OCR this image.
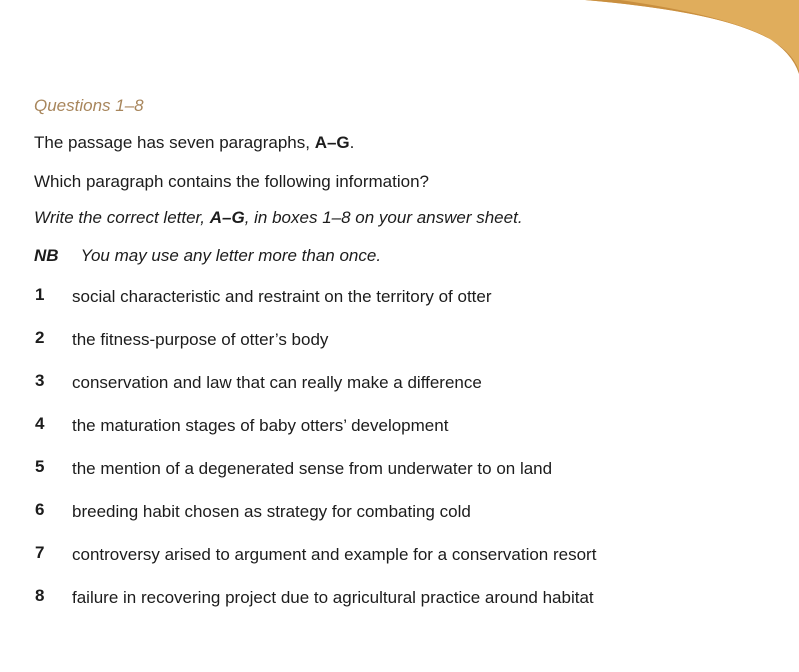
Questions 1–8
The passage has seven paragraphs, A–G.
Which paragraph contains the following information?
Write the correct letter, A–G, in boxes 1–8 on your answer sheet.
NB You may use any letter more than once.
1 social characteristic and restraint on the territory of otter
2 the fitness-purpose of otter’s body
3 conservation and law that can really make a difference
4 the maturation stages of baby otters’ development
5 the mention of a degenerated sense from underwater to on land
6 breeding habit chosen as strategy for combating cold
7 controversy arised to argument and example for a conservation resort
8 failure in recovering project due to agricultural practice around habitat
